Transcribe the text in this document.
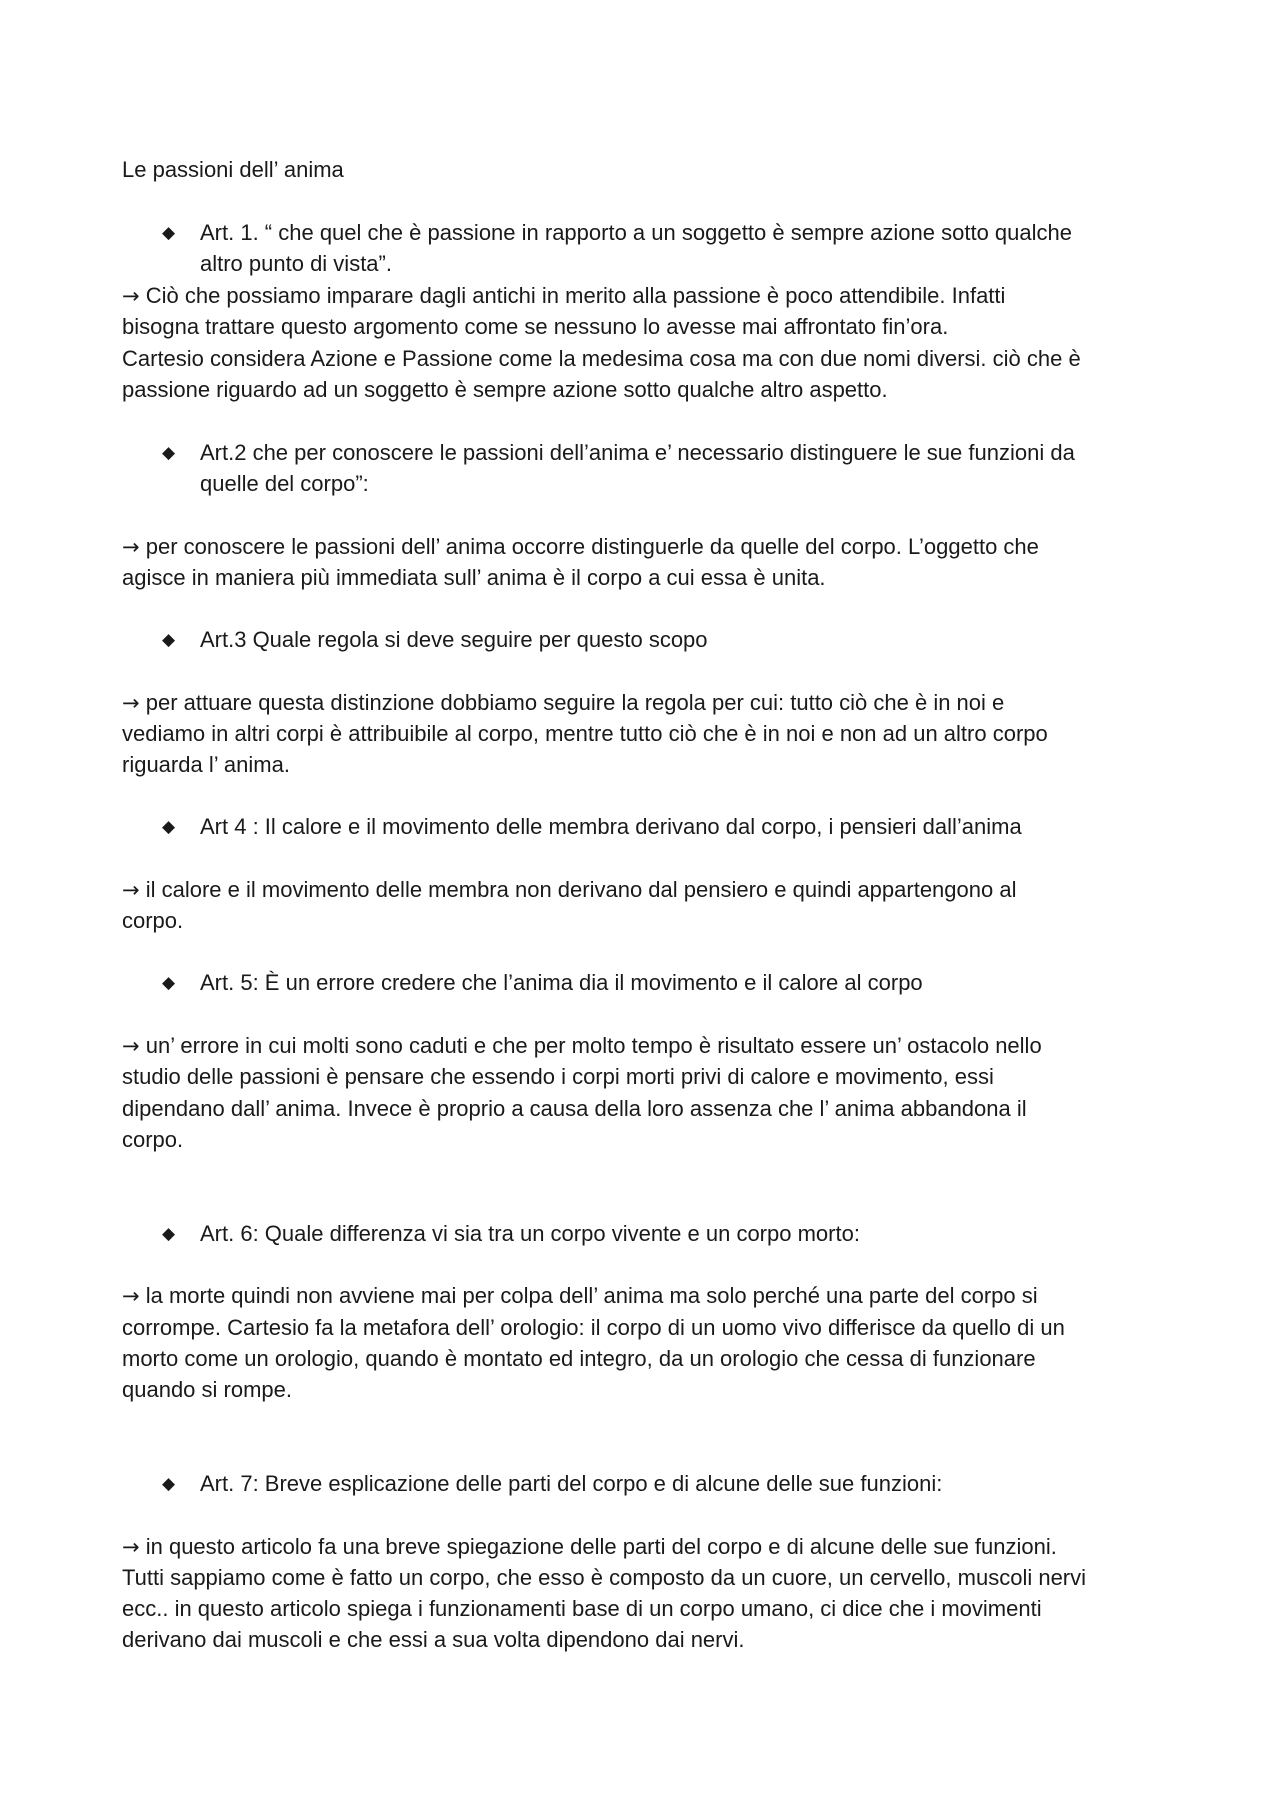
Le passioni dell’ anima
◆ Art. 1. “ che quel che è passione in rapporto a un soggetto è sempre azione sotto qualche
altro punto di vista”.
→ Ciò che possiamo imparare dagli antichi in merito alla passione è poco attendibile. Infatti
bisogna trattare questo argomento come se nessuno lo avesse mai affrontato fin’ora.
Cartesio considera Azione e Passione come la medesima cosa ma con due nomi diversi. ciò che è
passione riguardo ad un soggetto è sempre azione sotto qualche altro aspetto.
◆ Art.2 che per conoscere le passioni dell’anima e’ necessario distinguere le sue funzioni da
quelle del corpo”:
→ per conoscere le passioni dell’ anima occorre distinguerle da quelle del corpo. L’oggetto che
agisce in maniera più immediata sull’ anima è il corpo a cui essa è unita.
◆ Art.3 Quale regola si deve seguire per questo scopo
→ per attuare questa distinzione dobbiamo seguire la regola per cui: tutto ciò che è in noi e
vediamo in altri corpi è attribuibile al corpo, mentre tutto ciò che è in noi e non ad un altro corpo
riguarda l’ anima.
◆ Art 4 : Il calore e il movimento delle membra derivano dal corpo, i pensieri dall’anima
→ il calore e il movimento delle membra non derivano dal pensiero e quindi appartengono al
corpo.
◆ Art. 5: È un errore credere che l’anima dia il movimento e il calore al corpo
→ un’ errore in cui molti sono caduti e che per molto tempo è risultato essere un’ ostacolo nello
studio delle passioni è pensare che essendo i corpi morti privi di calore e movimento, essi
dipendano dall’ anima. Invece è proprio a causa della loro assenza che l’ anima abbandona il
corpo.
◆ Art. 6: Quale differenza vi sia tra un corpo vivente e un corpo morto:
→ la morte quindi non avviene mai per colpa dell’ anima ma solo perché una parte del corpo si
corrompe. Cartesio fa la metafora dell’ orologio: il corpo di un uomo vivo differisce da quello di un
morto come un orologio, quando è montato ed integro, da un orologio che cessa di funzionare
quando si rompe.
◆ Art. 7: Breve esplicazione delle parti del corpo e di alcune delle sue funzioni:
→ in questo articolo fa una breve spiegazione delle parti del corpo e di alcune delle sue funzioni.
Tutti sappiamo come è fatto un corpo, che esso è composto da un cuore, un cervello, muscoli nervi
ecc.. in questo articolo spiega i funzionamenti base di un corpo umano, ci dice che i movimenti
derivano dai muscoli e che essi a sua volta dipendono dai nervi.
